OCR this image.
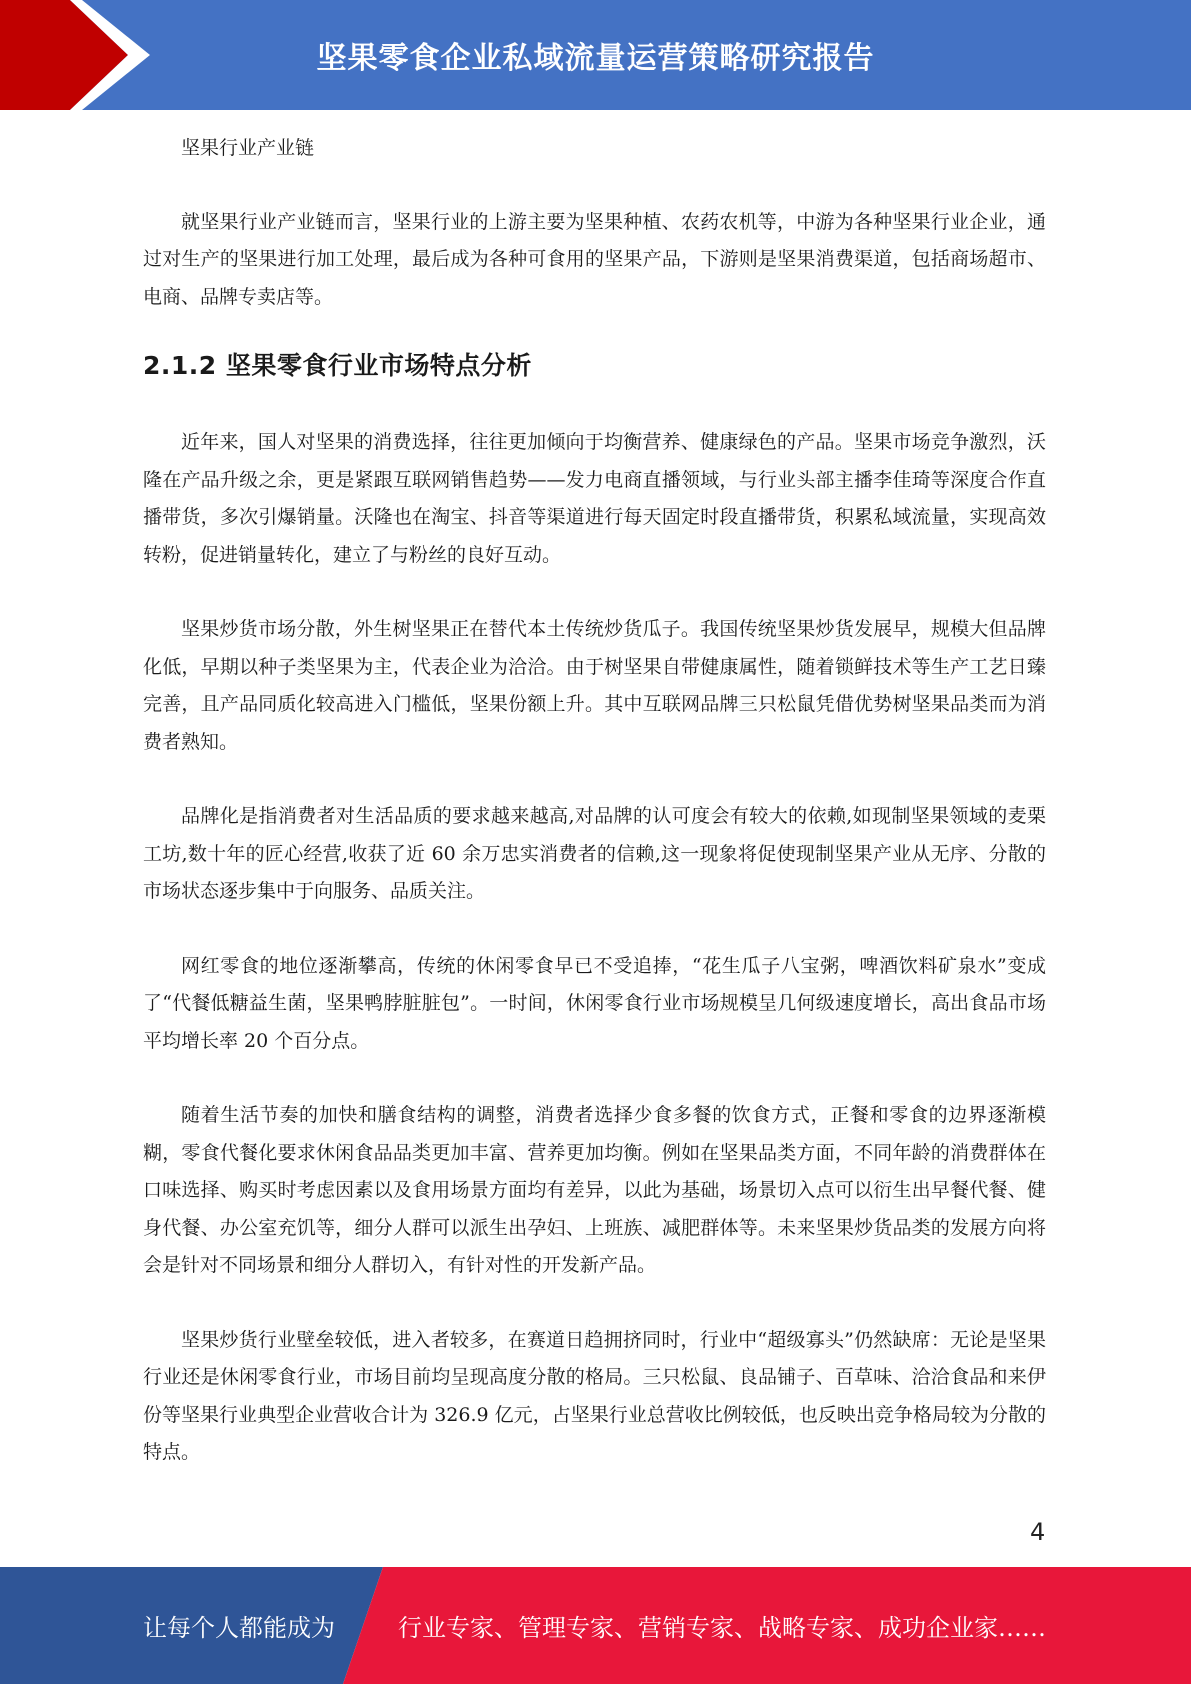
坚果零食企业私域流量运营策略研究报告

坚果行业产业链

就坚果行业产业链而言，坚果行业的上游主要为坚果种植、农药农机等，中游为各种坚果行业企业，通过对生产的坚果进行加工处理，最后成为各种可食用的坚果产品，下游则是坚果消费渠道，包括商场超市、电商、品牌专卖店等。

2.1.2 坚果零食行业市场特点分析

近年来，国人对坚果的消费选择，往往更加倾向于均衡营养、健康绿色的产品。坚果市场竞争激烈，沃隆在产品升级之余，更是紧跟互联网销售趋势——发力电商直播领域，与行业头部主播李佳琦等深度合作直播带货，多次引爆销量。沃隆也在淘宝、抖音等渠道进行每天固定时段直播带货，积累私域流量，实现高效转粉，促进销量转化，建立了与粉丝的良好互动。

坚果炒货市场分散，外生树坚果正在替代本土传统炒货瓜子。我国传统坚果炒货发展早，规模大但品牌化低，早期以种子类坚果为主，代表企业为洽洽。由于树坚果自带健康属性，随着锁鲜技术等生产工艺日臻完善，且产品同质化较高进入门槛低，坚果份额上升。其中互联网品牌三只松鼠凭借优势树坚果品类而为消费者熟知。

品牌化是指消费者对生活品质的要求越来越高,对品牌的认可度会有较大的依赖,如现制坚果领域的麦栗工坊,数十年的匠心经营,收获了近 60 余万忠实消费者的信赖,这一现象将促使现制坚果产业从无序、分散的市场状态逐步集中于向服务、品质关注。

网红零食的地位逐渐攀高，传统的休闲零食早已不受追捧，“花生瓜子八宝粥，啤酒饮料矿泉水”变成了“代餐低糖益生菌，坚果鸭脖脏脏包”。一时间，休闲零食行业市场规模呈几何级速度增长，高出食品市场平均增长率 20 个百分点。

随着生活节奏的加快和膳食结构的调整，消费者选择少食多餐的饮食方式，正餐和零食的边界逐渐模糊，零食代餐化要求休闲食品品类更加丰富、营养更加均衡。例如在坚果品类方面，不同年龄的消费群体在口味选择、购买时考虑因素以及食用场景方面均有差异，以此为基础，场景切入点可以衍生出早餐代餐、健身代餐、办公室充饥等，细分人群可以派生出孕妇、上班族、减肥群体等。未来坚果炒货品类的发展方向将会是针对不同场景和细分人群切入，有针对性的开发新产品。

坚果炒货行业壁垒较低，进入者较多，在赛道日趋拥挤同时，行业中“超级寡头”仍然缺席：无论是坚果行业还是休闲零食行业，市场目前均呈现高度分散的格局。三只松鼠、良品铺子、百草味、洽洽食品和来伊份等坚果行业典型企业营收合计为 326.9 亿元，占坚果行业总营收比例较低，也反映出竞争格局较为分散的特点。

4
让每个人都能成为	行业专家、管理专家、营销专家、战略专家、成功企业家……
